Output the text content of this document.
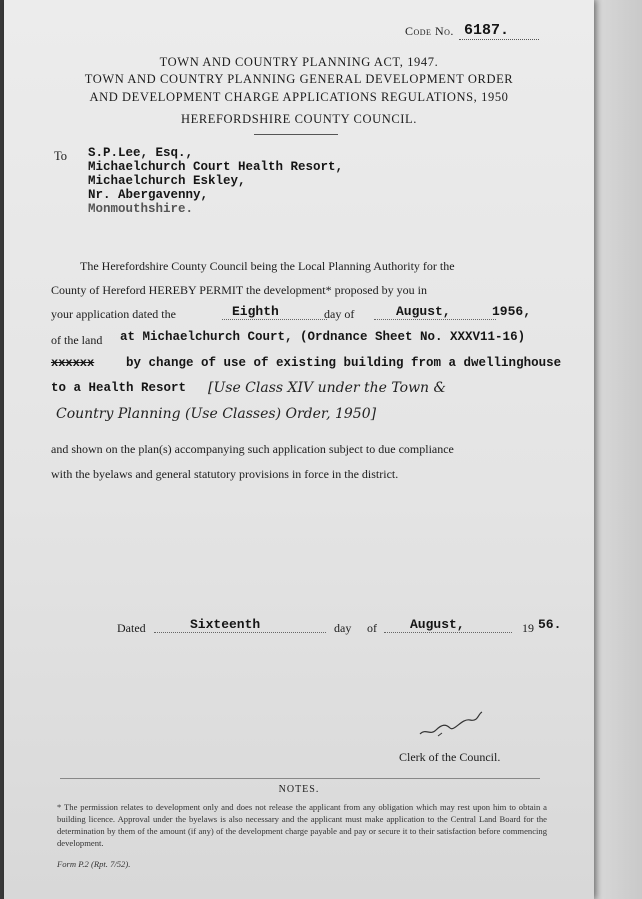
Code No. 6187.
TOWN AND COUNTRY PLANNING ACT, 1947.
TOWN AND COUNTRY PLANNING GENERAL DEVELOPMENT ORDER
AND DEVELOPMENT CHARGE APPLICATIONS REGULATIONS, 1950
HEREFORDSHIRE COUNTY COUNCIL.
To S.P.Lee, Esq.,
Michaelchurch Court Health Resort,
Michaelchurch Eskley,
Nr. Abergavenny,
Monmouthshire.
The Herefordshire County Council being the Local Planning Authority for the
County of Hereford HEREBY PERMIT the development* proposed by you in
your application dated the	Eighth	day of	August,	1956,
of the land at Michaelchurch Court, (Ordnance Sheet No. XXXV11-16)
xxxxxx	by change of use of existing building from a dwellinghouse
to a Health Resort [Use Class XIV under the Town &
Country Planning (Use Classes) Order, 1950]
and shown on the plan(s) accompanying such application subject to due compliance
with the byelaws and general statutory provisions in force in the district.
Dated	Sixteenth	day of	August,	19 56.
Clerk of the Council.
NOTES.
* The permission relates to development only and does not release the applicant from any obligation which may rest upon him to obtain a building licence. Approval under the byelaws is also necessary and the applicant must make application to the Central Land Board for the determination by them of the amount (if any) of the development charge payable and pay or secure it to their satisfaction before commencing development.
Form P.2 (Rpt. 7/52).
